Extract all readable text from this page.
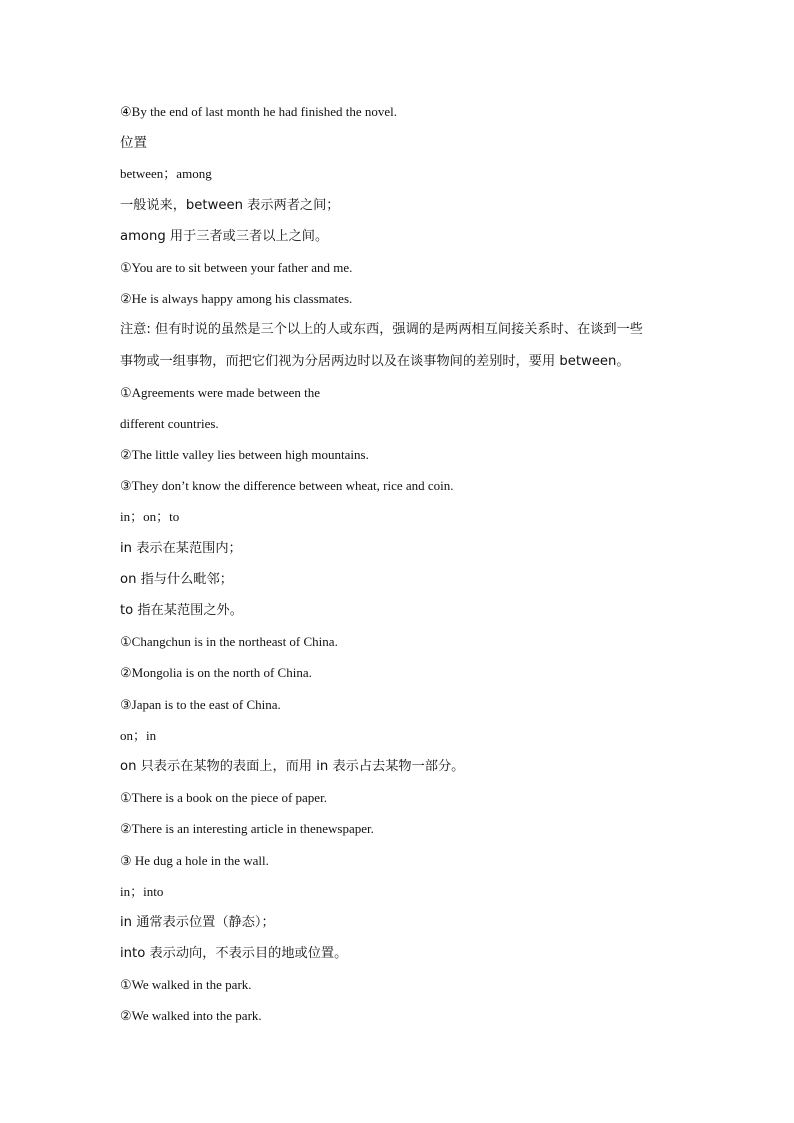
④By the end of last month he had finished the novel.
位置
between；among
一般说来，between 表示两者之间；
among 用于三者或三者以上之间。
①You are to sit between your father and me.
②He is always happy among his classmates.
注意: 但有时说的虽然是三个以上的人或东西，强调的是两两相互间接关系时、在谈到一些
事物或一组事物，而把它们视为分居两边时以及在谈事物间的差别时，要用 between。
①Agreements were made between the
different countries.
②The little valley lies between high mountains.
③They don’t know the difference between wheat, rice and coin.
in；on；to
in 表示在某范围内；
on 指与什么毗邻；
to 指在某范围之外。
①Changchun is in the northeast of China.
②Mongolia is on the north of China.
③Japan is to the east of China.
on；in
on 只表示在某物的表面上，而用 in 表示占去某物一部分。
①There is a book on the piece of paper.
②There is an interesting article in thenewspaper.
③ He dug a hole in the wall.
in；into
in 通常表示位置（静态）；
into 表示动向，不表示目的地或位置。
①We walked in the park.
②We walked into the park.
